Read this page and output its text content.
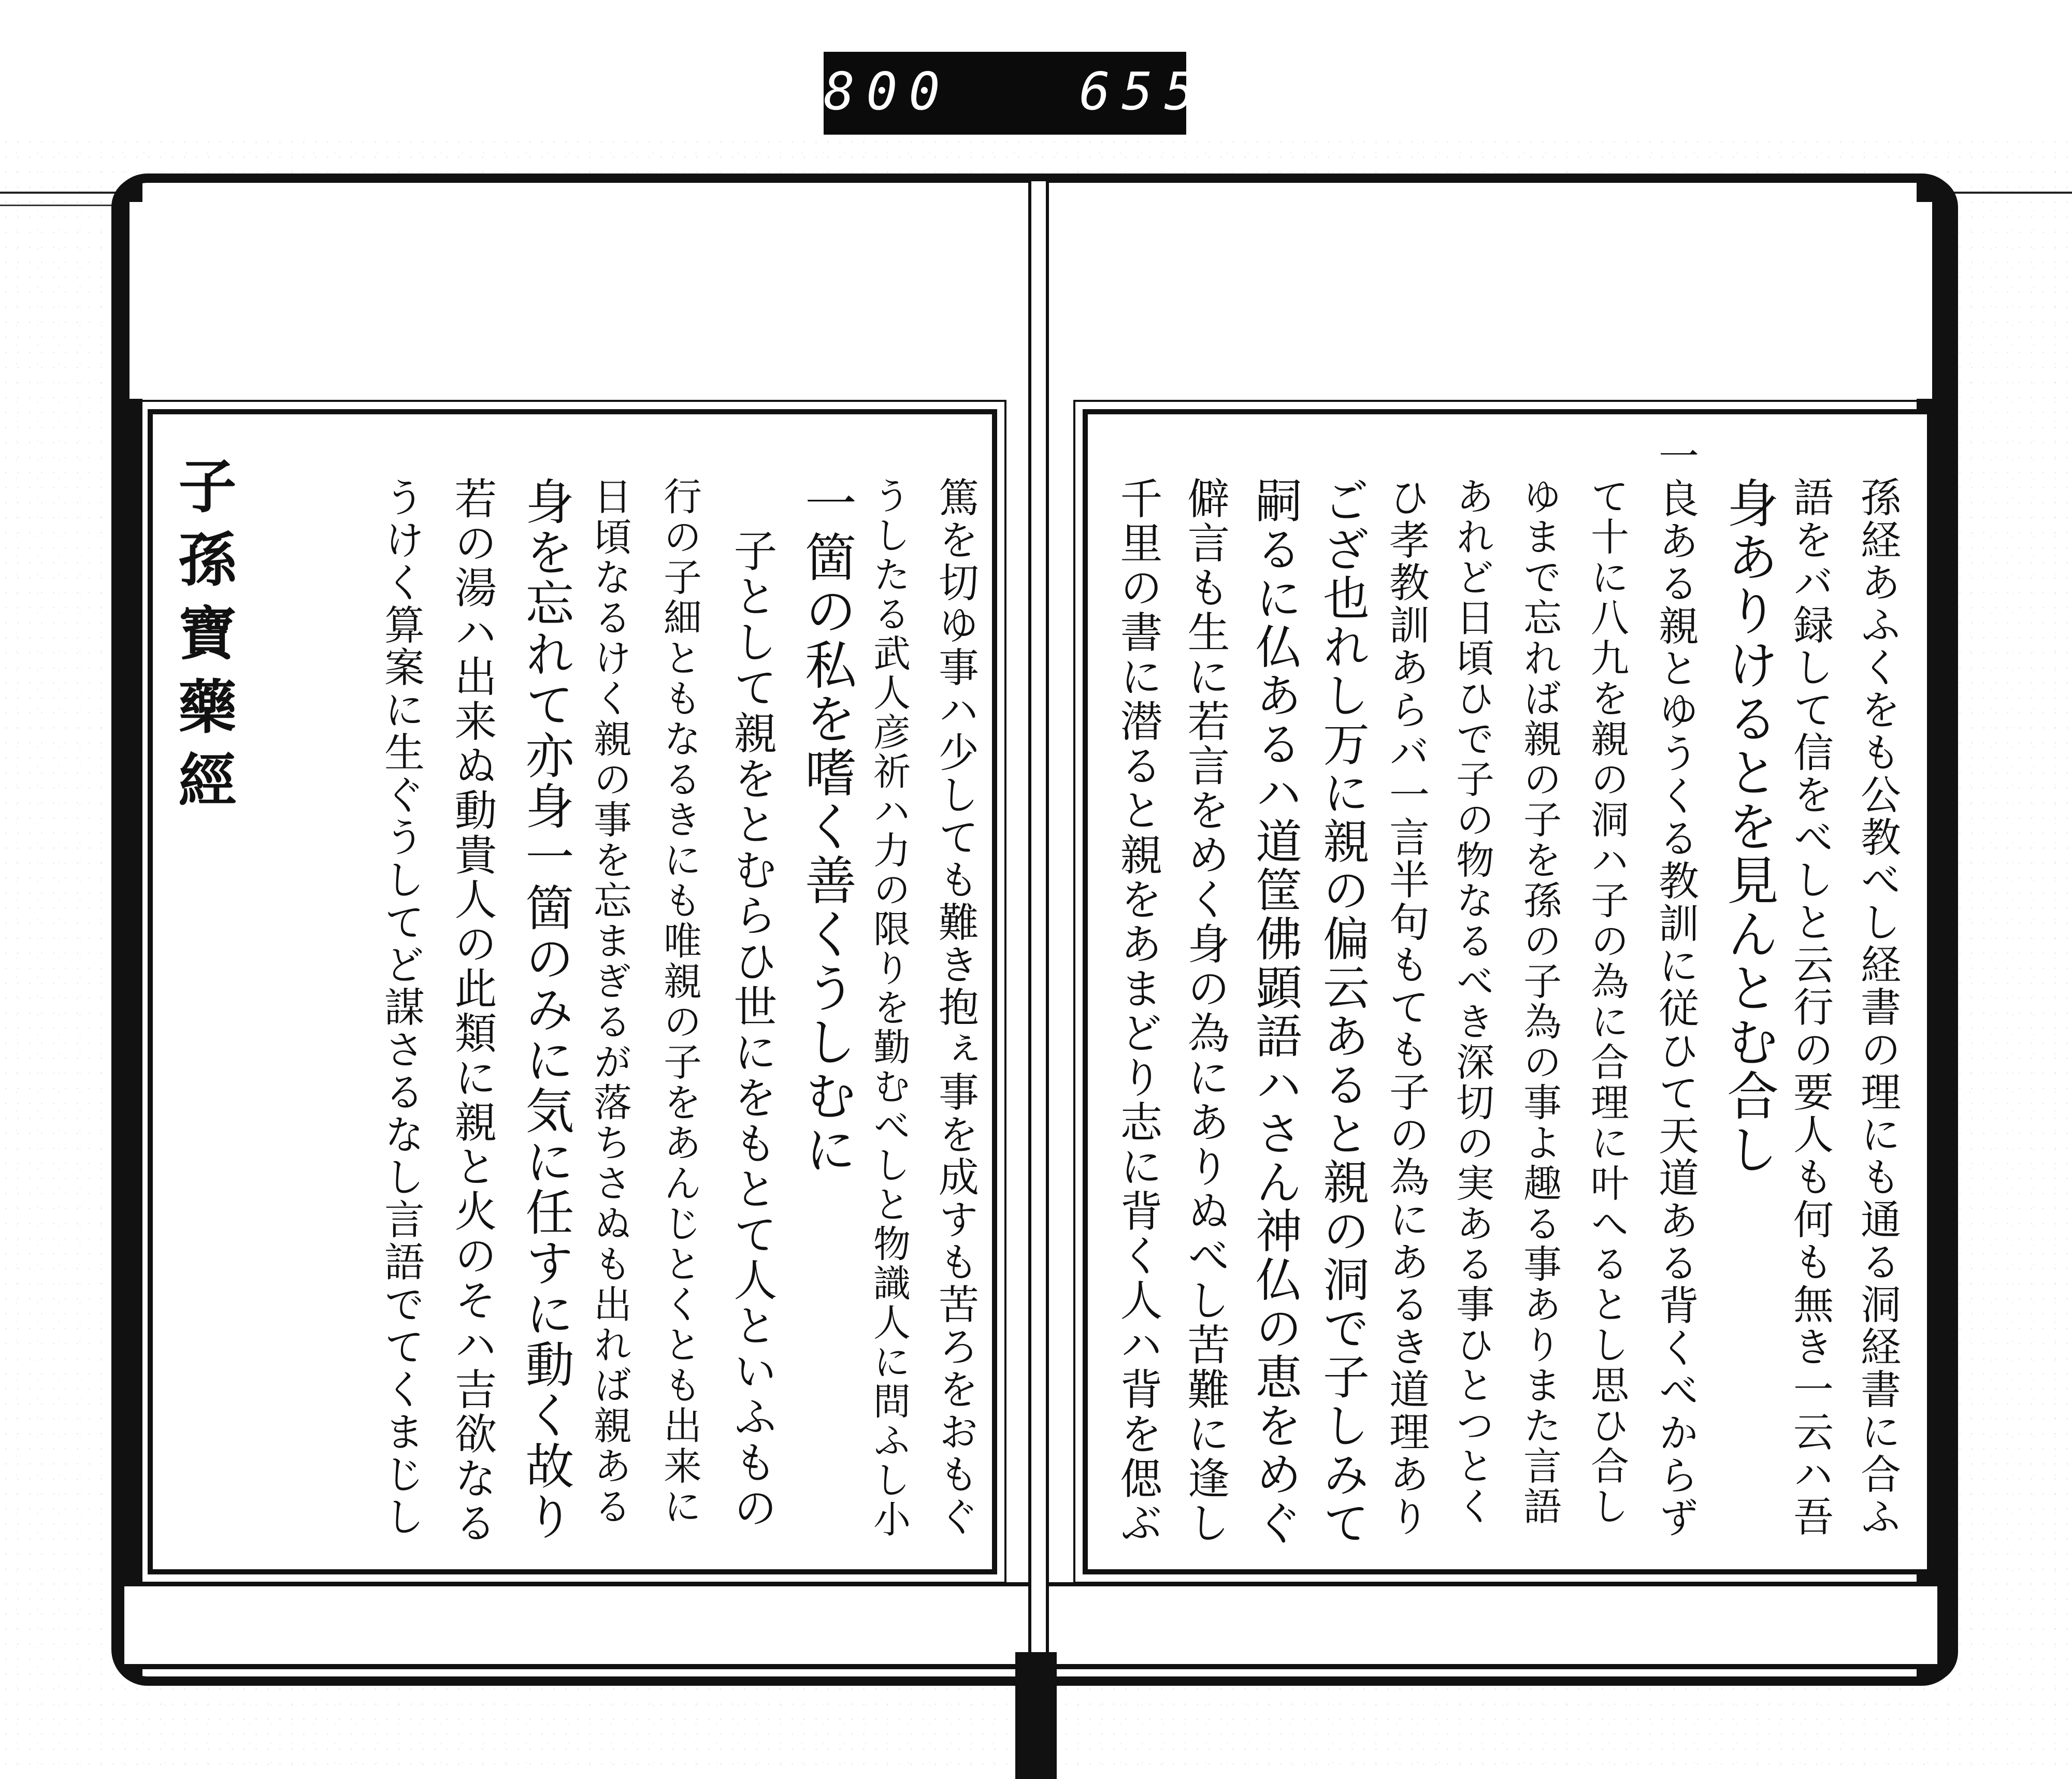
800   655.
うけく算案に生ぐうしてど謀さるなし言語でてくまじし 若の湯ハ出来ぬ動貴人の此類に親と火のそハ吉欲なる 身を忘れて亦身一箇のみに気に任すに動く故り 日頃なるけく親の事を忘まぎるが落ちさぬも出れば親ある 行の子細ともなるきにも唯親の子をあんじとくとも出来に 子として親をとむらひ世にをもとて人といふもの 一箇の私を嗜く善くうしむに うしたる武人彦祈ハ力の限りを勤むべしと物識人に問ふし小 篤を切ゆ事ハ少しても難き抱ぇ事を成すも苦ろをおもぐ
子孫寶藥經	千里の書に潜ると親をあまどり志に背く人ハ背を偲ぶ 僻言も生に若言をめく身の為にありぬべし苦難に逢し 嗣るに仏あるハ道筐佛顕語ハさん神仏の恵をめぐ ござ也れし万に親の偏云あると親の洞で子しみて ひ孝教訓あらバ一言半句もても子の為にあるき道理あり あれど日頃ひで子の物なるべき深切の実ある事ひとつとく ゆまで忘れば親の子を孫の子為の事よ趣る事ありまた言語 て十に八九を親の洞ハ子の為に合理に叶へるとし思ひ合し 一良ある親とゆうくる教訓に従ひて天道ある背くべからず 身ありけるとを見んとむ合し 語をバ録して信をべしと云行の要人も何も無き一云ハ吾 孫経あふくをも公教べし経書の理にも通る洞経書に合ふ
